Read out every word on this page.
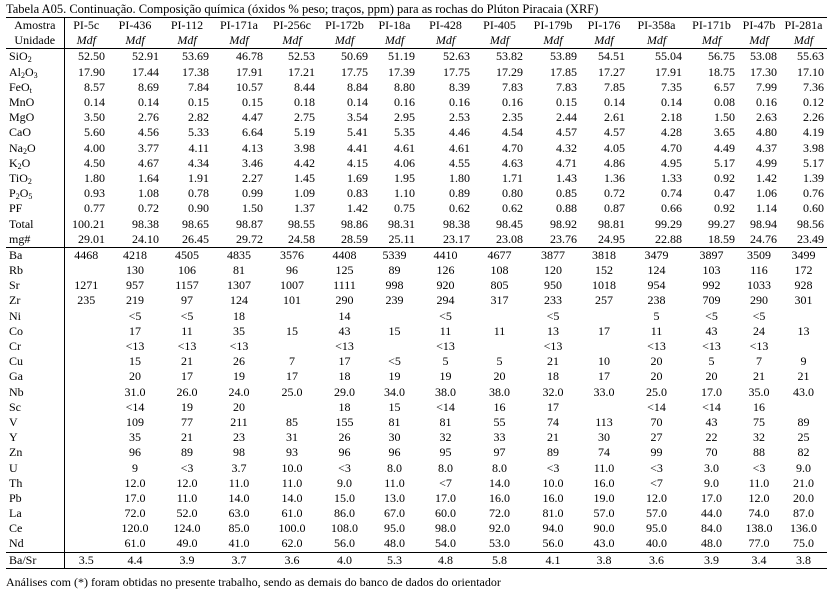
Tabela A05. Continuação. Composição química (óxidos % peso; traços, ppm) para as rochas do Plúton Piracaia (XRF)
Amostra	PI-5c	PI-436	PI-112	PI-171a	PI-256c	PI-172b	PI-18a	PI-428	PI-405	PI-179b	PI-176	PI-358a	PI-171b	PI-47b	PI-281a
Unidade	Mdf	Mdf	Mdf	Mdf	Mdf	Mdf	Mdf	Mdf	Mdf	Mdf	Mdf	Mdf	Mdf	Mdf	Mdf
SiO$_2$	52.50	52.91	53.69	46.78	52.53	50.69	51.19	52.63	53.82	53.89	54.51	55.04	56.75	53.08	55.63
$Al_2O_3$	17.90	17.44	17.38	17.91	17.21	17.75	17.39	17.75	17.29	17.85	17.27	17.91	18.75	17.30	17.10
FeO$_t$	8.57	8.69	7.84	10.57	8.44	8.84	8.80	8.39	7.83	7.83	7.85	7.35	6.57	7.99	7.36
MnO	0.14	0.14	0.15	0.15	0.18	0.14	0.16	0.16	0.16	0.15	0.14	0.14	0.08	0.16	0.12
MgO	3.50	2.76	2.82	4.47	2.75	3.54	2.95	2.53	2.35	2.44	2.61	2.18	1.50	2.63	2.26
CaO	5.60	4.56	5.33	6.64	5.19	5.41	5.35	4.46	4.54	4.57	4.57	4.28	3.65	4.80	4.19
$Na_2O$	4.00	3.77	4.11	4.13	3.98	4.41	4.61	4.61	4.70	4.32	4.05	4.70	4.49	4.37	3.98
$K_2O$	4.50	4.67	4.34	3.46	4.42	4.15	4.06	4.55	4.63	4.71	4.86	4.95	5.17	4.99	5.17
TiO$_2$	1.80	1.64	1.91	2.27	1.45	1.69	1.95	1.80	1.71	1.43	1.36	1.33	0.92	1.42	1.39
$P_2O_5$	0.93	1.08	0.78	0.99	1.09	0.83	1.10	0.89	0.80	0.85	0.72	0.74	0.47	1.06	0.76
PF	0.77	0.72	0.90	1.50	1.37	1.42	0.75	0.62	0.62	0.88	0.87	0.66	0.92	1.14	0.60
Total	100.21	98.38	98.65	98.87	98.55	98.86	98.31	98.38	98.45	98.92	98.81	99.29	99.27	98.94	98.56
mg#	29.01	24.10	26.45	29.72	24.58	28.59	25.11	23.17	23.08	23.76	24.95	22.88	18.59	24.76	23.49
Ba	4468	4218	4505	4835	3576	4408	5339	4410	4677	3877	3818	3479	3897	3509	3499
Rb		130	106	81	96	125	89	126	108	120	152	124	103	116	172
Sr	1271	957	1157	1307	1007	1111	998	920	805	950	1018	954	992	1033	928
Zr	235	219	97	124	101	290	239	294	317	233	257	238	709	290	301
Ni		<5	<5	18		14		<5		<5		5	<5	<5	
Co		17	11	35	15	43	15	11	11	13	17	11	43	24	13
Cr		<13	<13	<13		<13		<13		<13		<13	<13	<13	
Cu		15	21	26	7	17	<5	5	5	21	10	20	5	7	9
Ga		20	17	19	17	18	19	19	20	18	17	20	20	21	21
Nb		31.0	26.0	24.0	25.0	29.0	34.0	38.0	38.0	32.0	33.0	25.0	17.0	35.0	43.0
Sc		<14	19	20		18	15	<14	16	17		<14	<14	16	
V		109	77	211	85	155	81	81	55	74	113	70	43	75	89
Y		35	21	23	31	26	30	32	33	21	30	27	22	32	25
Zn		96	89	98	93	96	96	95	97	89	74	99	70	88	82
U		9	<3	3.7	10.0	<3	8.0	8.0	8.0	<3	11.0	<3	3.0	<3	9.0
Th		12.0	12.0	11.0	11.0	9.0	11.0	<7	14.0	10.0	16.0	<7	9.0	11.0	21.0
Pb		17.0	11.0	14.0	14.0	15.0	13.0	17.0	16.0	16.0	19.0	12.0	17.0	12.0	20.0
La		72.0	52.0	63.0	61.0	86.0	67.0	60.0	72.0	81.0	57.0	57.0	44.0	74.0	87.0
Ce		120.0	124.0	85.0	100.0	108.0	95.0	98.0	92.0	94.0	90.0	95.0	84.0	138.0	136.0
Nd		61.0	49.0	41.0	62.0	56.0	48.0	54.0	53.0	56.0	43.0	40.0	48.0	77.0	75.0
Ba/Sr	3.5	4.4	3.9	3.7	3.6	4.0	5.3	4.8	5.8	4.1	3.8	3.6	3.9	3.4	3.8
Análises com (*) foram obtidas no presente trabalho, sendo as demais do banco de dados do orientador
